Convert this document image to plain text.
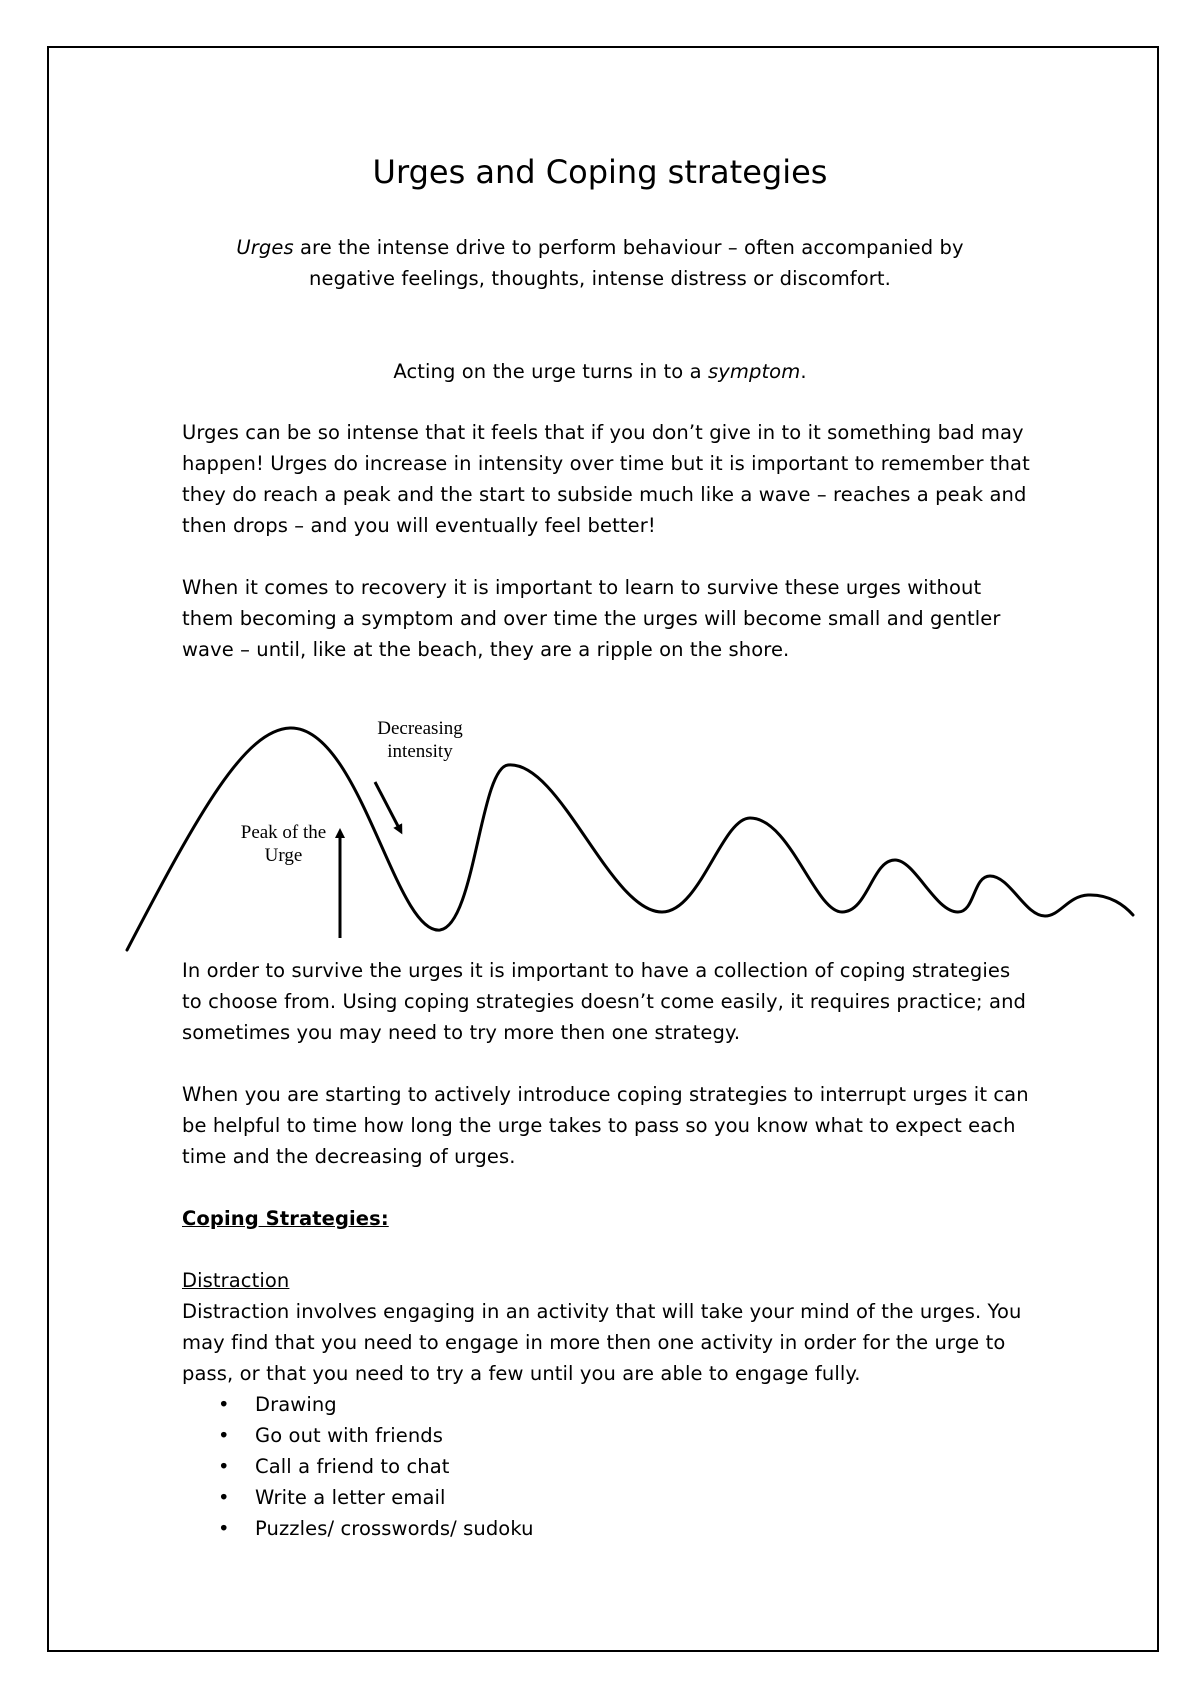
Urges and Coping strategies
Urges are the intense drive to perform behaviour – often accompanied by
negative feelings, thoughts, intense distress or discomfort.
Acting on the urge turns in to a symptom.
Urges can be so intense that it feels that if you don’t give in to it something bad may happen! Urges do increase in intensity over time but it is important to remember that they do reach a peak and the start to subside much like a wave – reaches a peak and then drops – and you will eventually feel better!
When it comes to recovery it is important to learn to survive these urges without them becoming a symptom and over time the urges will become small and gentler wave – until, like at the beach, they are a ripple on the shore.
Decreasing
intensity
Peak of the
Urge
In order to survive the urges it is important to have a collection of coping strategies to choose from. Using coping strategies doesn’t come easily, it requires practice; and sometimes you may need to try more then one strategy.
When you are starting to actively introduce coping strategies to interrupt urges it can be helpful to time how long the urge takes to pass so you know what to expect each time and the decreasing of urges.
Coping Strategies:
Distraction
Distraction involves engaging in an activity that will take your mind of the urges. You may find that you need to engage in more then one activity in order for the urge to pass, or that you need to try a few until you are able to engage fully.
• Drawing
• Go out with friends
• Call a friend to chat
• Write a letter email
• Puzzles/ crosswords/ sudoku
